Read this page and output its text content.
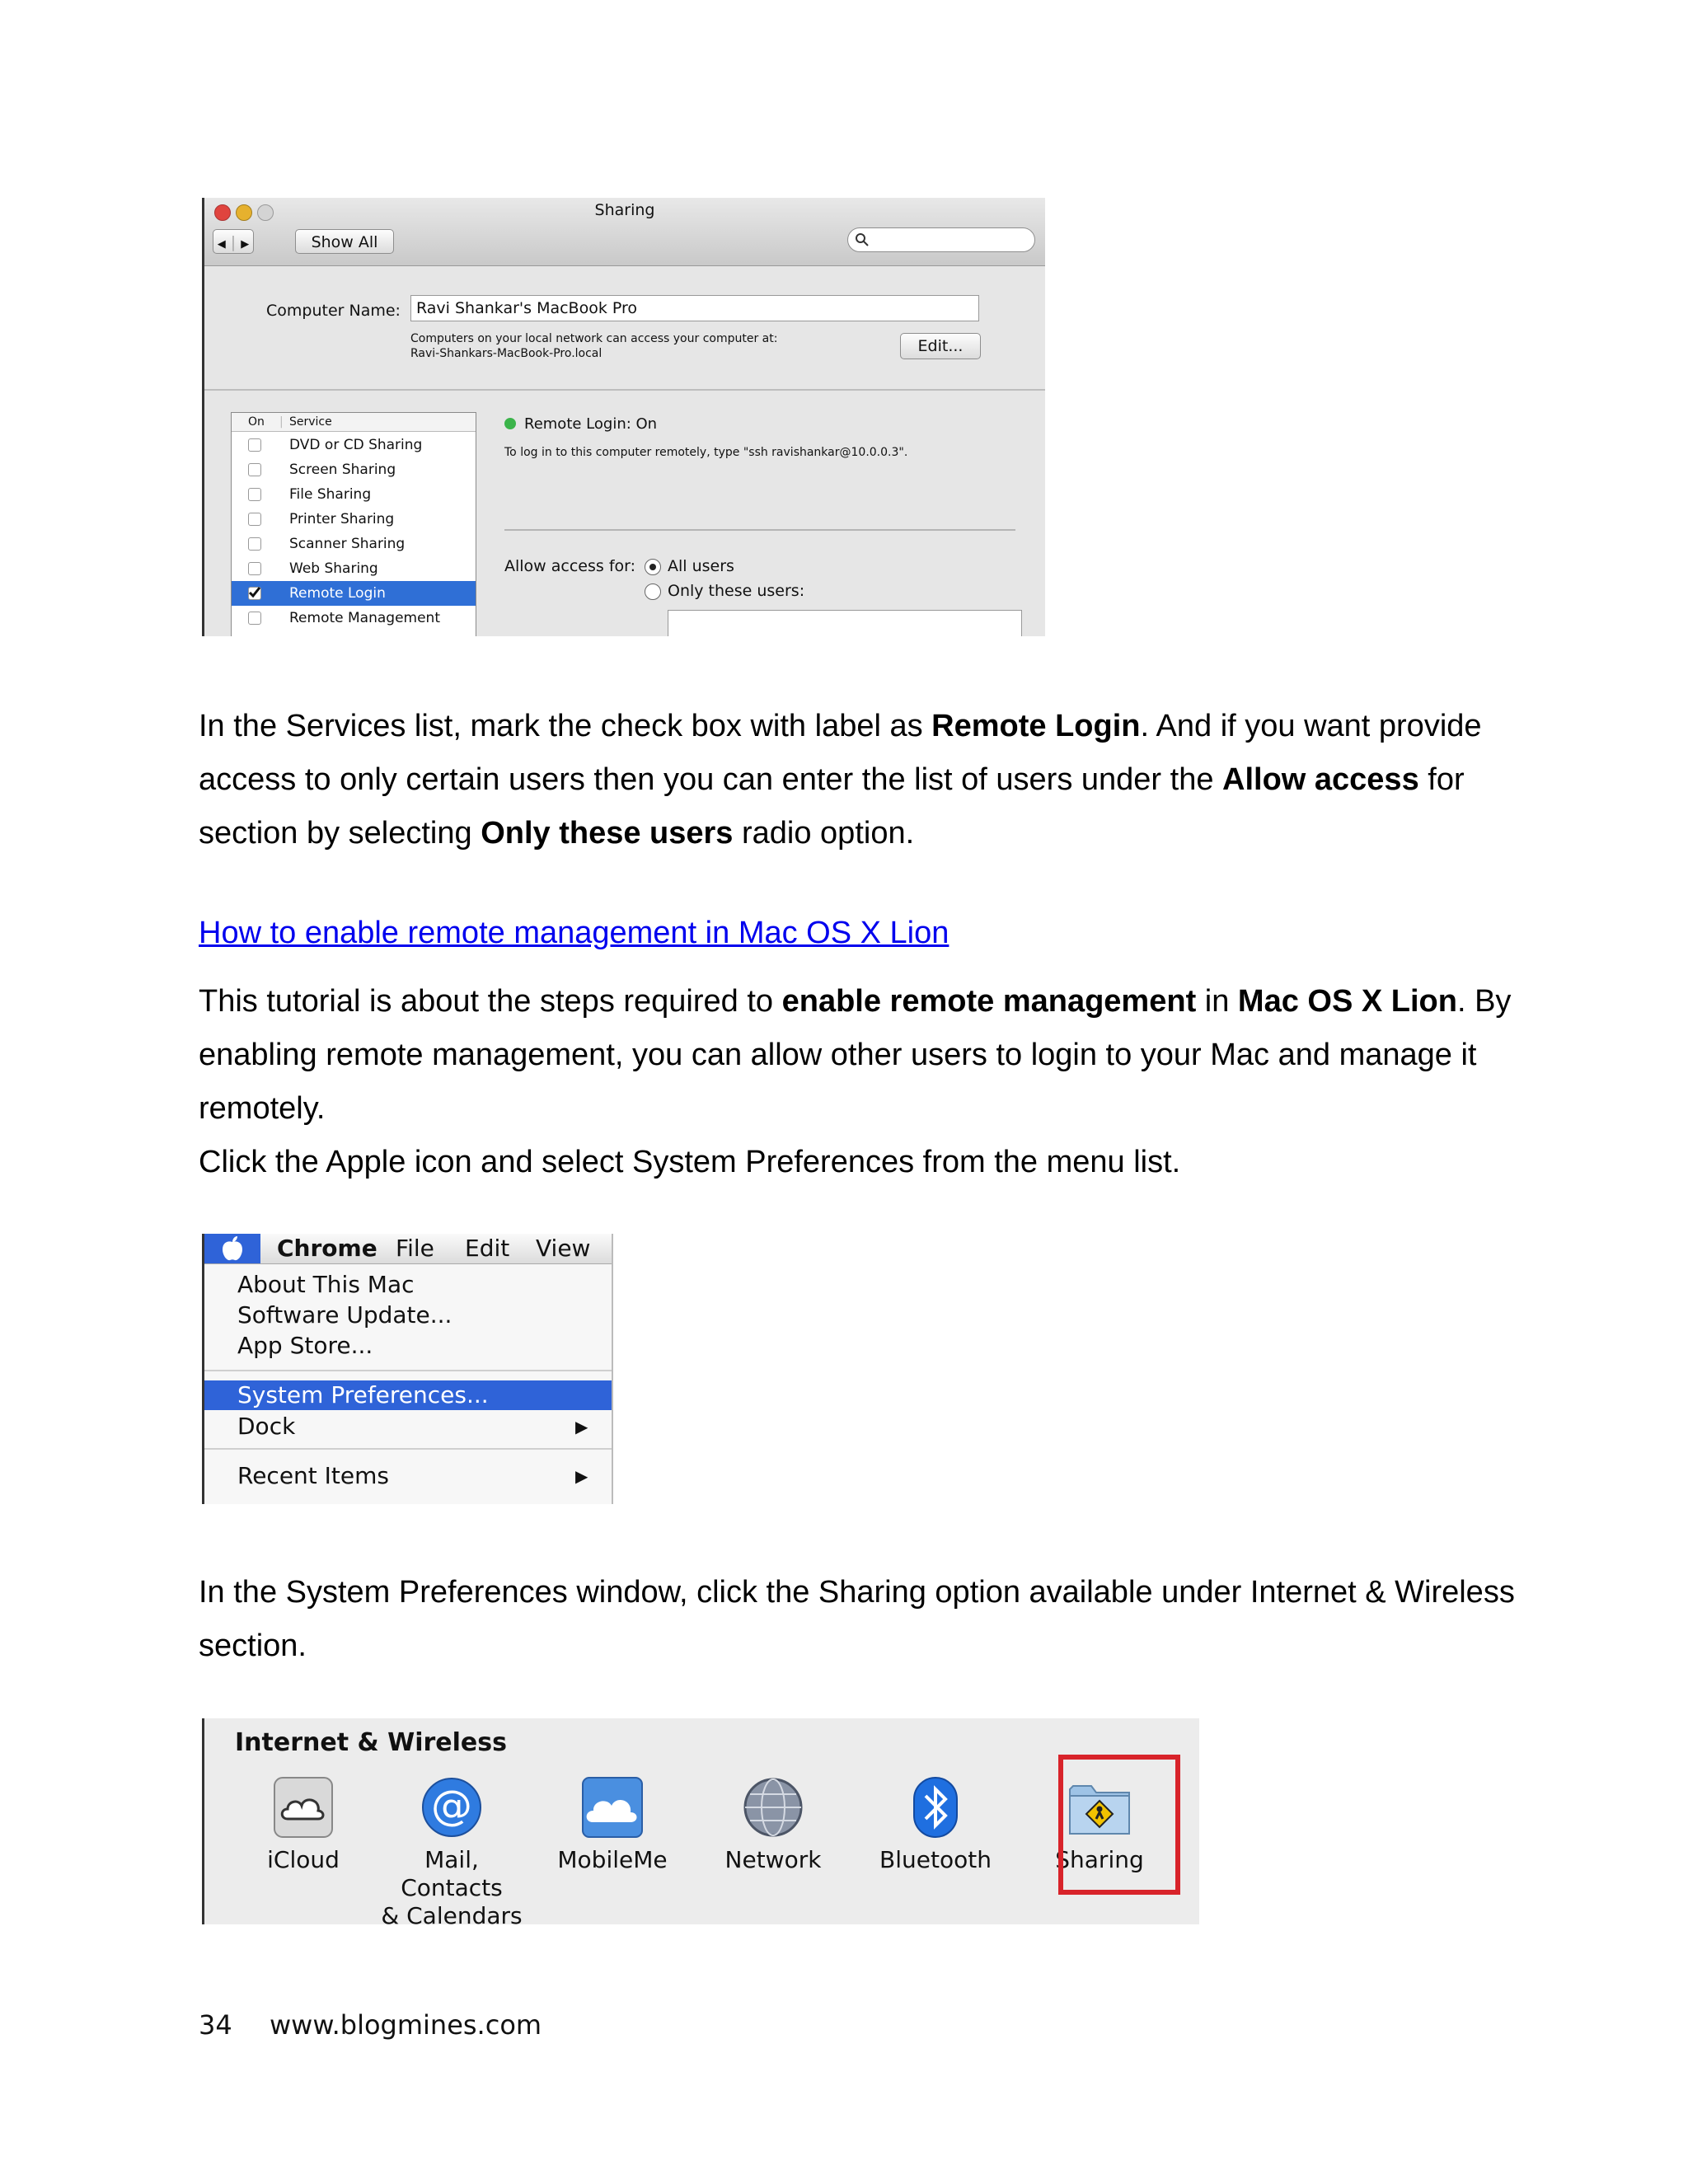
Sharing
◀ | ▶	Show All
Computer Name:	Ravi Shankar's MacBook Pro
Computers on your local network can access your computer at:
Ravi-Shankars-MacBook-Pro.local	Edit...
On | Service
DVD or CD Sharing
Screen Sharing
File Sharing
Printer Sharing
Scanner Sharing
Web Sharing
Remote Login
Remote Management
Remote Login: On
To log in to this computer remotely, type "ssh ravishankar@10.0.0.3".
Allow access for: All users
Only these users:
In the Services list, mark the check box with label as Remote Login. And if you want provide access to only certain users then you can enter the list of users under the Allow access for section by selecting Only these users radio option.
How to enable remote management in Mac OS X Lion
This tutorial is about the steps required to enable remote management in Mac OS X Lion. By enabling remote management, you can allow other users to login to your Mac and manage it remotely.
Click the Apple icon and select System Preferences from the menu list.
Chrome File Edit View
About This Mac
Software Update...
App Store...
System Preferences...
Dock	▶
Recent Items	▶
In the System Preferences window, click the Sharing option available under Internet & Wireless section.
Internet & Wireless
iCloud
@
Mail, Contacts
& Calendars
MobileMe	Network	Bluetooth	Sharing
34 www.blogmines.com
